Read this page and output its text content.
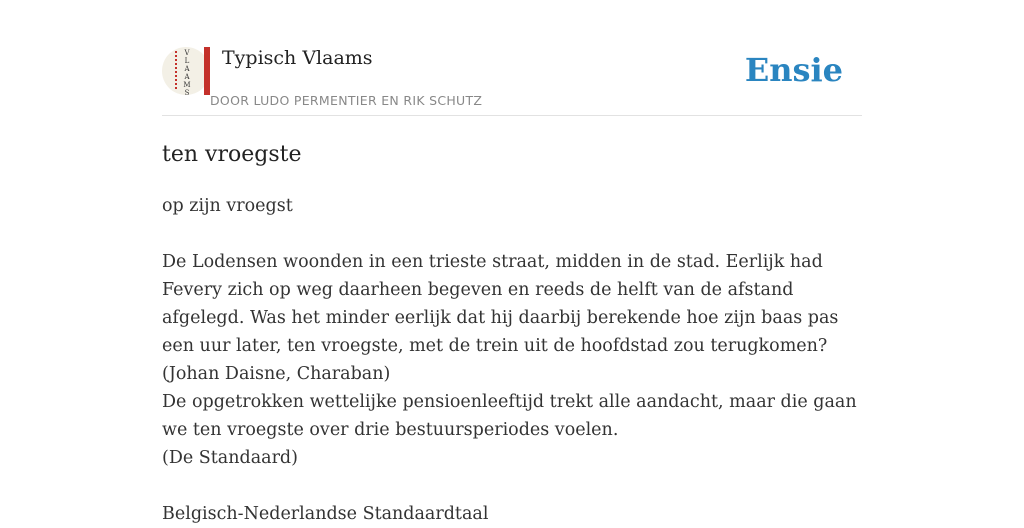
V
L
A
A
M
S
Typisch Vlaams
DOOR LUDO PERMENTIER EN RIK SCHUTZ
Ensie
ten vroegste

op zijn vroegst

De Lodensen woonden in een trieste straat, midden in de stad. Eerlijk had Fevery zich op weg daarheen begeven en reeds de helft van de afstand afgelegd. Was het minder eerlijk dat hij daarbij berekende hoe zijn baas pas een uur later, ten vroegste, met de trein uit de hoofdstad zou terugkomen?

(Johan Daisne, Charaban)

De opgetrokken wettelijke pensioenleeftijd trekt alle aandacht, maar die gaan we ten vroegste over drie bestuursperiodes voelen.

(De Standaard)

Belgisch-Nederlandse Standaardtaal
